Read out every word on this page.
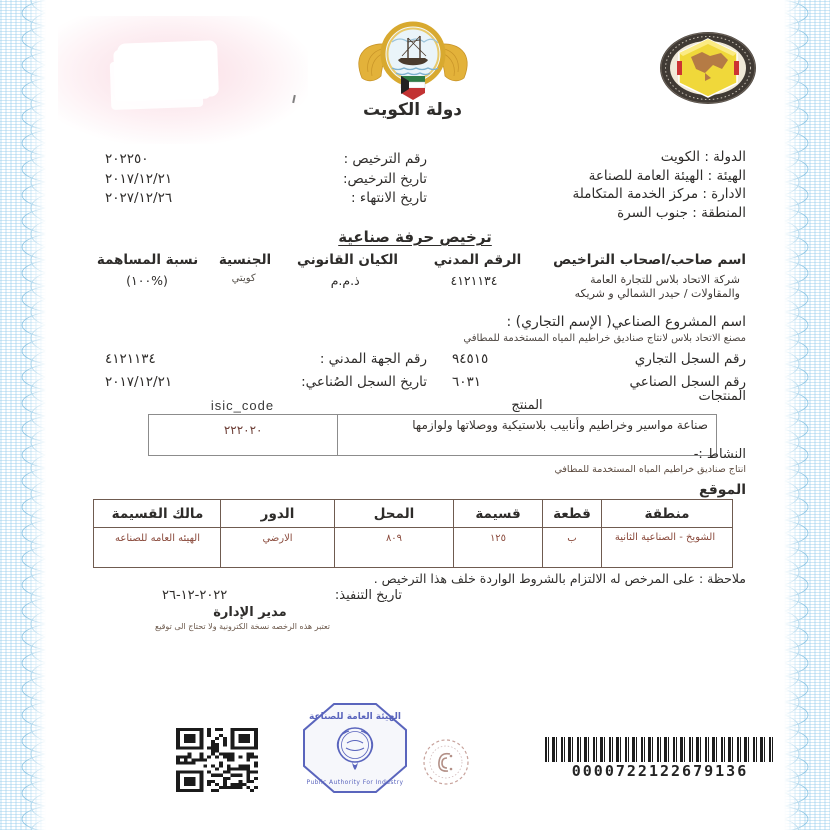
دولة الكويت
الدولة : الكويت
الهيئة : الهيئة العامة للصناعة
الادارة : مركز الخدمة المتكاملة
المنطقة : جنوب السرة
رقم الترخيص :
٢٠٢٢٥٠
تاريخ الترخيص:
٢٠١٧/١٢/٢١
تاريخ الانتهاء :
٢٠٢٧/١٢/٢٦
ترخيص حرفة صناعية
اسم صاحب/اصحاب التراخيص
الرقم المدني
الكيان القانوني
الجنسية
نسبة المساهمة
شركة الاتحاد بلاس للتجارة العامة والمقاولات / حيدر الشمالي و شريكه
٤١٢١١٣٤
ذ.م.م
كويتي
(١٠٠%)
اسم المشروع الصناعي( الإسم التجاري) :
مصنع الاتحاد بلاس لانتاج صناديق خراطيم المياه المستخدمة للمطافي
رقم السجل التجاري
٩٤٥١٥
رقم السجل الصناعي
٦٠٣١
رقم الجهة المدني :
٤١٢١١٣٤
تاريخ السجل الصُناعي:
٢٠١٧/١٢/٢١
المنتجات
المنتج
isic_code
صناعة مواسير وخراطيم وأنابيب بلاستيكية ووصلاتها ولوازمها
٢٢٢٠٢٠
النشاط :-
انتاج صناديق خراطيم المياه المستخدمة للمطافي
الموقع
منطقة
قطعة
قسيمة
المحل
الدور
مالك القسيمة
الشويخ - الصناعية الثانية
ب
١٢٥
٨٠٩
الارضي
الهيئه العامه للصناعه
ملاحظة : على المرخص له الالتزام بالشروط الواردة خلف هذا الترخيص .
تاريخ التنفيذ:
٢٠٢٢-١٢-٢٦
مدير الإدارة
تعتبر هذه الرخصه نسخة الكترونية ولا تحتاج الى توقيع
الهيئة العامة للصناعة
Public Authority For Industry
0000722122679136
